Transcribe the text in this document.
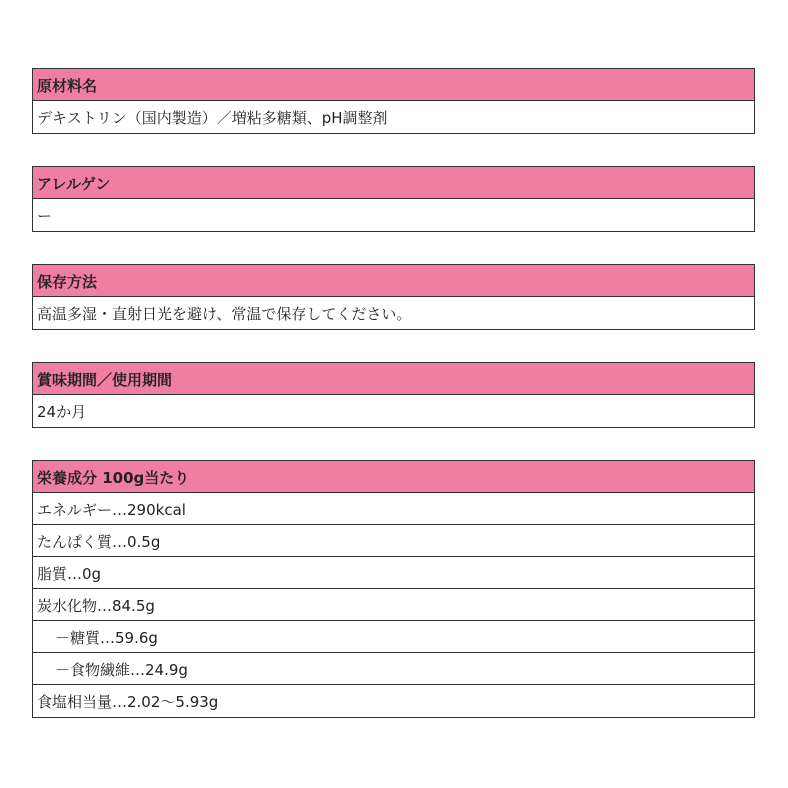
原材料名
デキストリン（国内製造）／増粘多糖類、pH調整剤
アレルゲン
ー
保存方法
高温多湿・直射日光を避け、常温で保存してください。
賞味期間／使用期間
24か月
栄養成分 100g当たり
エネルギー…290kcal
たんぱく質…0.5g
脂質…0g
炭水化物…84.5g
－糖質…59.6g
－食物繊維…24.9g
食塩相当量…2.02～5.93g
